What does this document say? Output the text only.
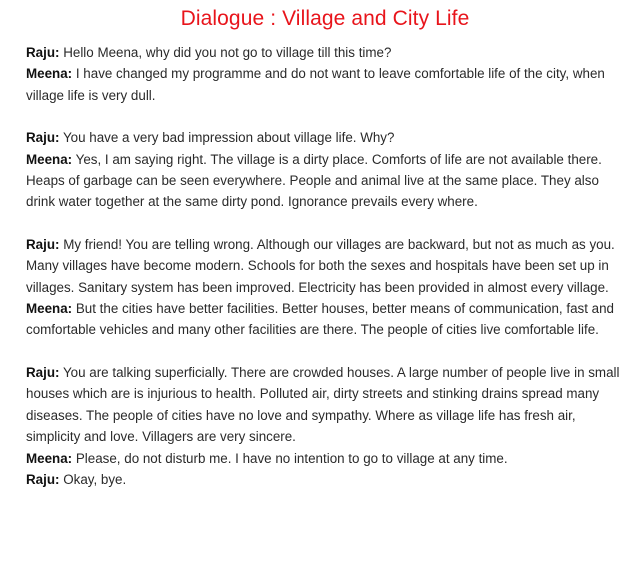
Dialogue : Village and City Life

Raju: Hello Meena, why did you not go to village till this time?

Meena: I have changed my programme and do not want to leave comfortable life of the city, when village life is very dull.

Raju: You have a very bad impression about village life. Why?

Meena: Yes, I am saying right. The village is a dirty place. Comforts of life are not available there. Heaps of garbage can be seen everywhere. People and animal live at the same place. They also drink water together at the same dirty pond. Ignorance prevails every where.

Raju: My friend! You are telling wrong. Although our villages are backward, but not as much as you. Many villages have become modern. Schools for both the sexes and hospitals have been set up in villages. Sanitary system has been improved. Electricity has been provided in almost every village.

Meena: But the cities have better facilities. Better houses, better means of communication, fast and comfortable vehicles and many other facilities are there. The people of cities live comfortable life.

Raju: You are talking superficially. There are crowded houses. A large number of people live in small houses which are is injurious to health. Polluted air, dirty streets and stinking drains spread many diseases. The people of cities have no love and sympathy. Where as village life has fresh air, simplicity and love. Villagers are very sincere.

Meena: Please, do not disturb me. I have no intention to go to village at any time.

Raju: Okay, bye.
